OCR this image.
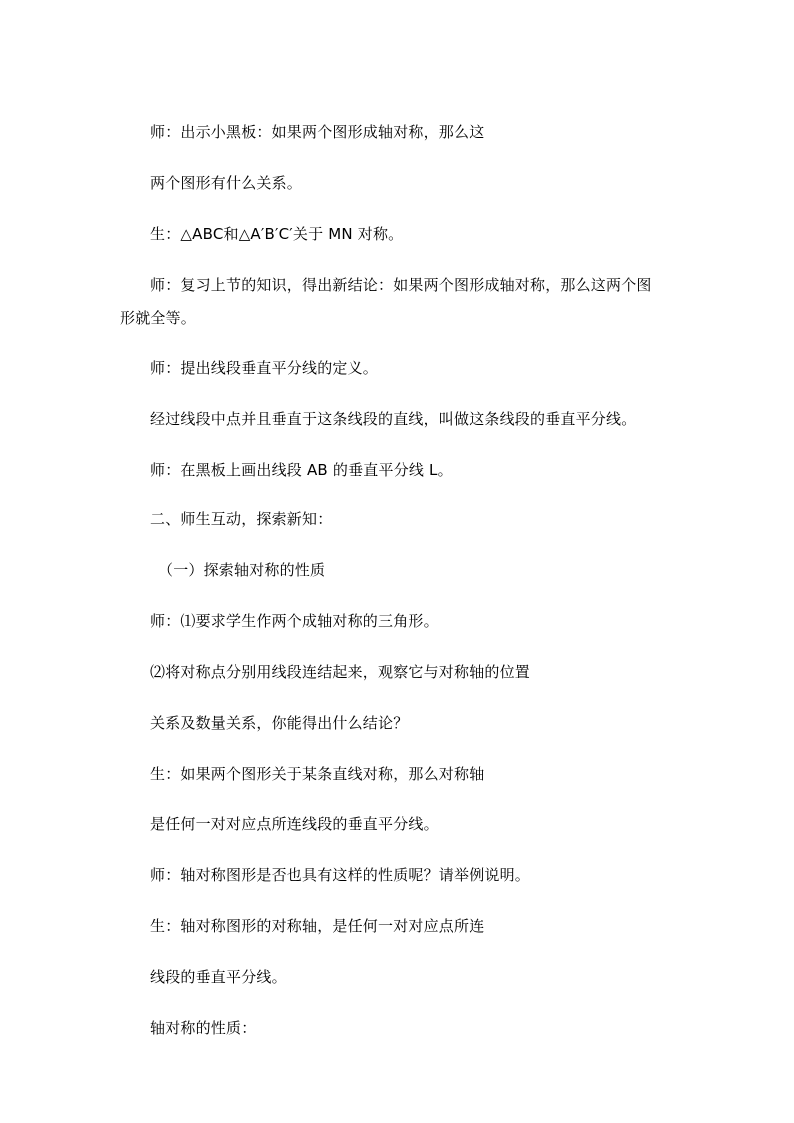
师：出示小黑板：如果两个图形成轴对称，那么这

两个图形有什么关系。

生：△ABC和△A′B′C′关于 MN 对称。

师：复习上节的知识，得出新结论：如果两个图形成轴对称，那么这两个图

形就全等。

师：提出线段垂直平分线的定义。

经过线段中点并且垂直于这条线段的直线，叫做这条线段的垂直平分线。

师：在黑板上画出线段 AB 的垂直平分线 L。

二、师生互动，探索新知：

（一）探索轴对称的性质

师：⑴要求学生作两个成轴对称的三角形。

⑵将对称点分别用线段连结起来，观察它与对称轴的位置

关系及数量关系，你能得出什么结论？

生：如果两个图形关于某条直线对称，那么对称轴

是任何一对对应点所连线段的垂直平分线。

师：轴对称图形是否也具有这样的性质呢？请举例说明。

生：轴对称图形的对称轴，是任何一对对应点所连

线段的垂直平分线。

轴对称的性质：
